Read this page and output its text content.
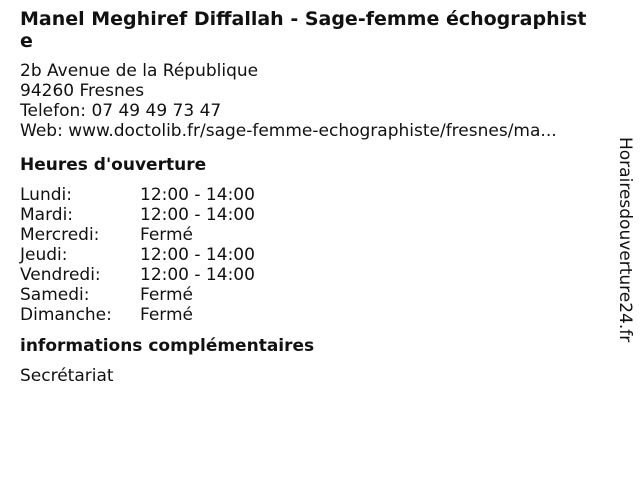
Manel Meghiref Diffallah - Sage-femme échographiste
2b Avenue de la République
94260 Fresnes
Telefon: 07 49 49 73 47
Web: www.doctolib.fr/sage-femme-echographiste/fresnes/ma...
Heures d'ouverture
Lundi:	12:00 - 14:00
Mardi:	12:00 - 14:00
Mercredi:	Fermé
Jeudi:	12:00 - 14:00
Vendredi:	12:00 - 14:00
Samedi:	Fermé
Dimanche:	Fermé
informations complémentaires
Secrétariat
Horairesdouverture24.fr
